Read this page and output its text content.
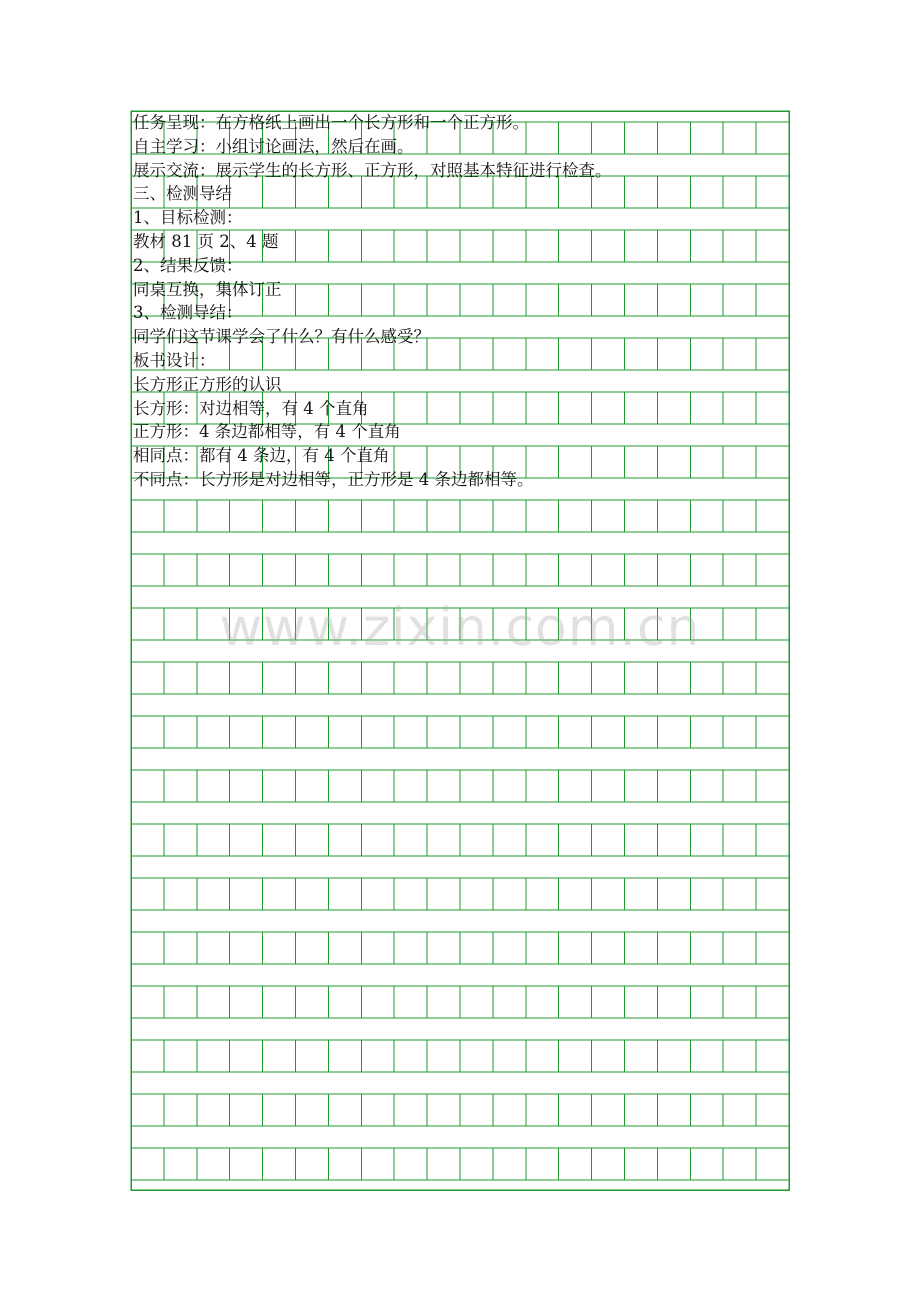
任务呈现：在方格纸上画出一个长方形和一个正方形。
自主学习：小组讨论画法，然后在画。
展示交流：展示学生的长方形、正方形，对照基本特征进行检查。
三、检测导结
1、目标检测：
教材 81 页 2、4 题
2、结果反馈：
同桌互换，集体订正
3、检测导结：
同学们这节课学会了什么？有什么感受？
板书设计：
长方形正方形的认识
长方形：对边相等，有 4 个直角
正方形：4 条边都相等，有 4 个直角
相同点：都有 4 条边，有 4 个直角
不同点：长方形是对边相等，正方形是 4 条边都相等。
www.zixin.com.cn
